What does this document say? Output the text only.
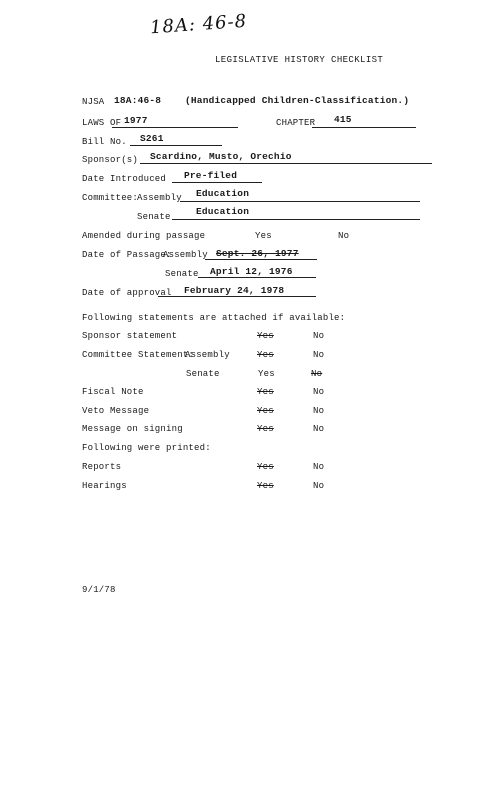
18A: 46-8
LEGISLATIVE HISTORY CHECKLIST
NJSA 18A:46-8	(Handicapped Children-Classification.)
LAWS OF 1977	CHAPTER 415
Bill No. S261
Sponsor(s) Scardino, Musto, Orechio
Date Introduced Pre-filed
Committee:
Assembly Education
Senate	Education
Amended during passage	Yes	No
Date of Passage:
Assembly Sept. 26, 1977
Senate April 12, 1976
Date of approval February 24, 1978
Following statements are attached if available:
Sponsor statement	Yes	No
Committee Statement:
Assembly	Yes	No
Senate	Yes	No
Fiscal Note	Yes	No
Veto Message	Yes	No
Message on signing	Yes	No
Following were printed:
Reports	Yes	No
Hearings	Yes	No
9/1/78
